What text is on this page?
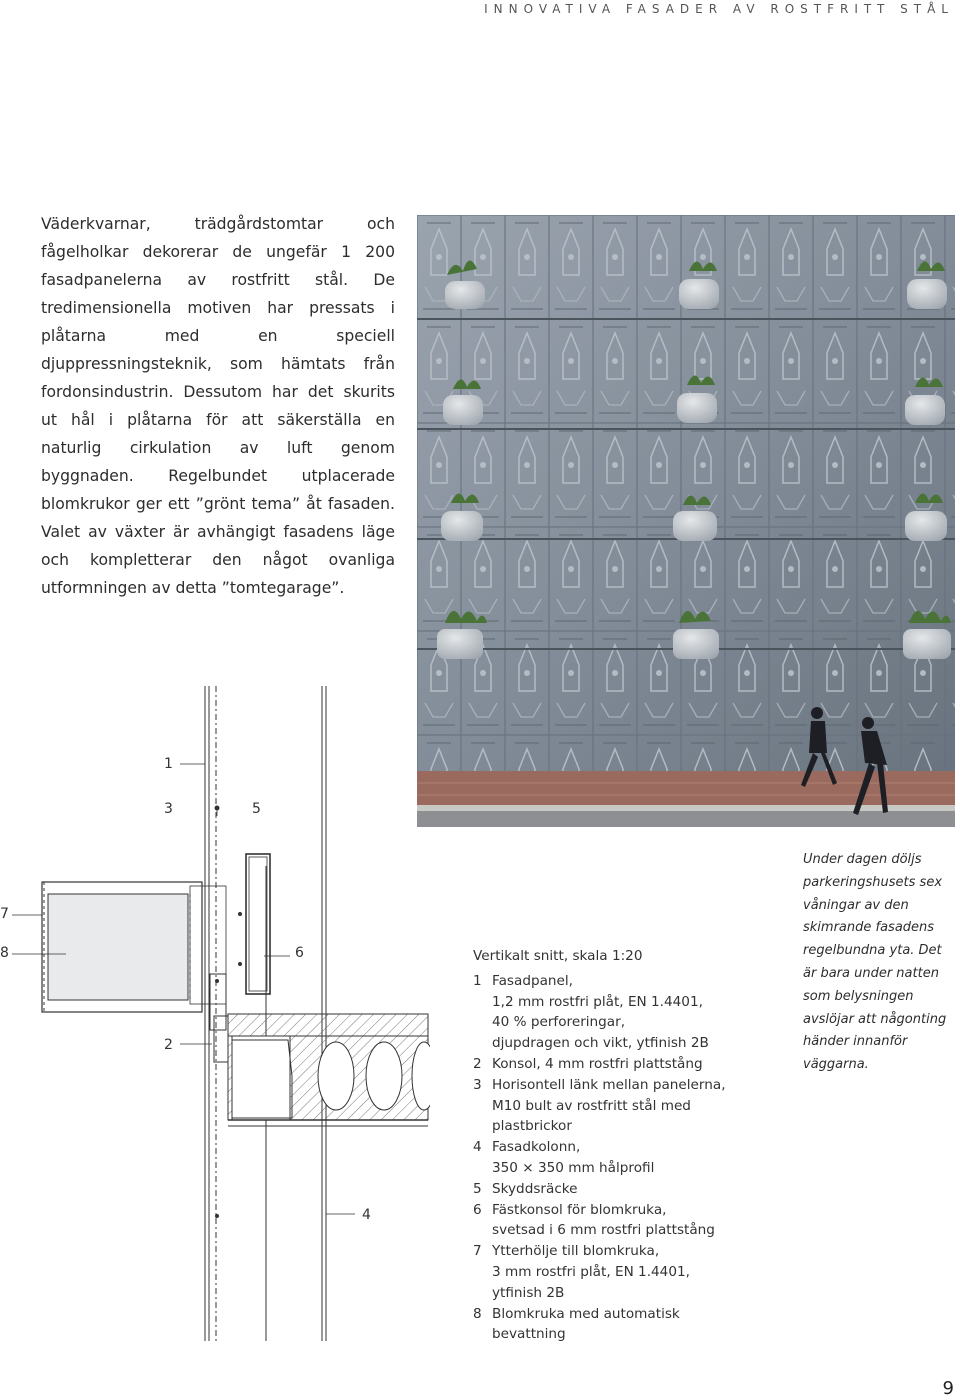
INNOVATIVA FASADER AV ROSTFRITT STÅL

Väderkvarnar, trädgårdstomtar och fågelholkar dekorerar de ungefär 1 200 fasadpanelerna av rostfritt stål. De tredimensionella motiven har pressats i plåtarna med en speciell djuppressningsteknik, som hämtats från fordonsindustrin. Dessutom har det skurits ut hål i plåtarna för att säkerställa en naturlig cirkulation av luft genom byggnaden. Regelbundet utplacerade blomkrukor ger ett ”grönt tema” åt fasaden. Valet av växter är avhängigt fasadens läge och kompletterar den något ovanliga utformningen av detta ”tomtegarage”.

Under dagen döljs parkeringshusets sex våningar av den skimrande fasadens regelbundna yta. Det är bara under natten som belysningen avslöjar att någonting händer innanför väggarna.

1
3	5
7
8	6
2
4

Vertikalt snitt, skala 1:20

1 Fasadpanel,
1,2 mm rostfri plåt, EN 1.4401,
40 % perforeringar,
djupdragen och vikt, ytfinish 2B
2 Konsol, 4 mm rostfri plattstång
3 Horisontell länk mellan panelerna,
M10 bult av rostfritt stål med
plastbrickor
4 Fasadkolonn,
350 × 350 mm hålprofil
5 Skyddsräcke
6 Fästkonsol för blomkruka,
svetsad i 6 mm rostfri plattstång
7 Ytterhölje till blomkruka,
3 mm rostfri plåt, EN 1.4401,
ytfinish 2B
8 Blomkruka med automatisk
bevattning
9
